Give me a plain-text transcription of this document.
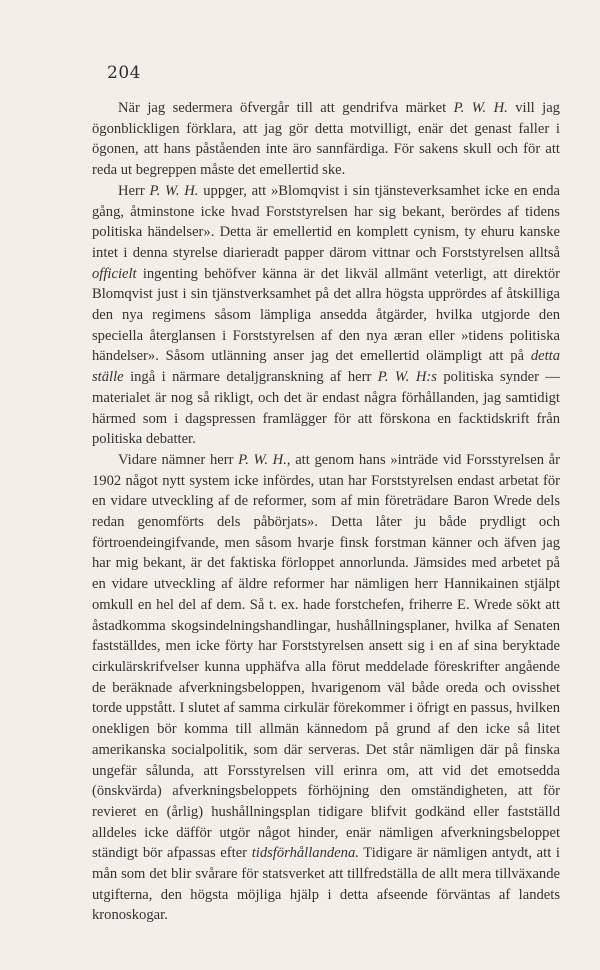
204

När jag sedermera öfvergår till att gendrifva märket P. W. H. vill jag ögonblickligen förklara, att jag gör detta motvilligt, enär det genast faller i ögonen, att hans påståenden inte äro sannfärdiga. För sakens skull och för att reda ut begreppen måste det emellertid ske.

Herr P. W. H. uppger, att »Blomqvist i sin tjänsteverksamhet icke en enda gång, åtminstone icke hvad Forststyrelsen har sig bekant, berördes af tidens politiska händelser». Detta är emellertid en komplett cynism, ty ehuru kanske intet i denna styrelse diarieradt papper därom vittnar och Forststyrelsen alltså officielt ingenting behöfver känna är det likväl allmänt veterligt, att direktör Blomqvist just i sin tjänstverksamhet på det allra högsta upprördes af åtskilliga den nya regimens såsom lämpliga ansedda åtgärder, hvilka utgjorde den speciella återglansen i Forststyrelsen af den nya æran eller »tidens politiska händelser». Såsom utlänning anser jag det emellertid olämpligt att på detta ställe ingå i närmare detaljgranskning af herr P. W. H:s politiska synder — materialet är nog så rikligt, och det är endast några förhållanden, jag samtidigt härmed som i dagspressen framlägger för att förskona en facktidskrift från politiska debatter.

Vidare nämner herr P. W. H., att genom hans »inträde vid Forsstyrelsen år 1902 något nytt system icke infördes, utan har Forststyrelsen endast arbetat för en vidare utveckling af de reformer, som af min företrädare Baron Wrede dels redan genomförts dels påbörjats». Detta låter ju både prydligt och förtroendeingifvande, men såsom hvarje finsk forstman känner och äfven jag har mig bekant, är det faktiska förloppet annorlunda. Jämsides med arbetet på en vidare utveckling af äldre reformer har nämligen herr Hannikainen stjälpt omkull en hel del af dem. Så t. ex. hade forstchefen, friherre E. Wrede sökt att åstadkomma skogsindelningshandlingar, hushållningsplaner, hvilka af Senaten fastställdes, men icke förty har Forststyrelsen ansett sig i en af sina beryktade cirkulärskrifvelser kunna upphäfva alla förut meddelade föreskrifter angående de beräknade afverkningsbeloppen, hvarigenom väl både oreda och ovisshet torde uppstått. I slutet af samma cirkulär förekommer i öfrigt en passus, hvilken onekligen bör komma till allmän kännedom på grund af den icke så litet amerikanska socialpolitik, som där serveras. Det står nämligen där på finska ungefär sålunda, att Forsstyrelsen vill erinra om, att vid det emotsedda (önskvärda) afverkningsbeloppets förhöjning den omständigheten, att för revieret en (årlig) hushållningsplan tidigare blifvit godkänd eller fastställd alldeles icke däfför utgör något hinder, enär nämligen afverkningsbeloppet ständigt bör afpassas efter tidsförhållandena. Tidigare är nämligen antydt, att i mån som det blir svårare för statsverket att tillfredställa de allt mera tillväxande utgifterna, den högsta möjliga hjälp i detta afseende förväntas af landets kronoskogar.
